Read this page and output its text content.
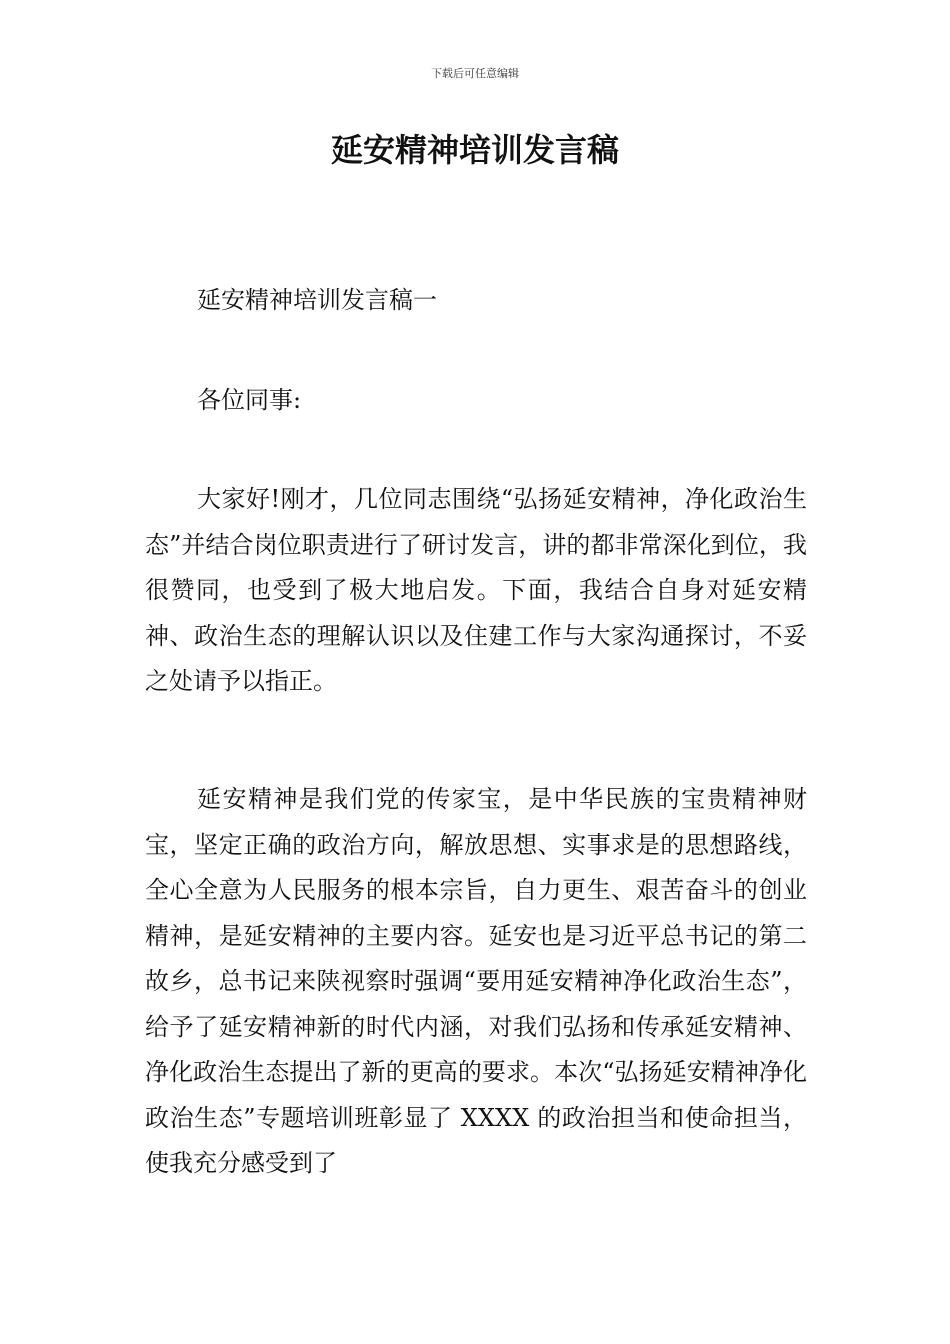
下载后可任意编辑
延安精神培训发言稿

延安精神培训发言稿一

各位同事:

大家好!刚才，几位同志围绕“弘扬延安精神，净化政治生态”并结合岗位职责进行了研讨发言，讲的都非常深化到位，我很赞同，也受到了极大地启发。下面，我结合自身对延安精神、政治生态的理解认识以及住建工作与大家沟通探讨，不妥之处请予以指正。

延安精神是我们党的传家宝，是中华民族的宝贵精神财宝，坚定正确的政治方向，解放思想、实事求是的思想路线，全心全意为人民服务的根本宗旨，自力更生、艰苦奋斗的创业精神，是延安精神的主要内容。延安也是习近平总书记的第二故乡，总书记来陕视察时强调“要用延安精神净化政治生态”，给予了延安精神新的时代内涵，对我们弘扬和传承延安精神、净化政治生态提出了新的更高的要求。本次“弘扬延安精神净化政治生态”专题培训班彰显了 XXXX 的政治担当和使命担当，使我充分感受到了
